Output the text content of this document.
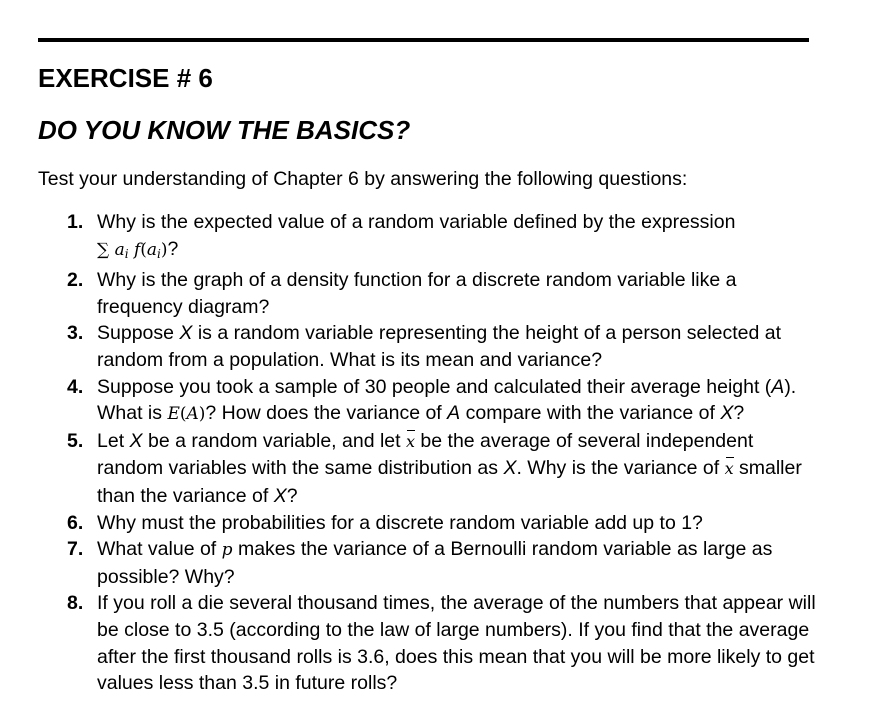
EXERCISE # 6
DO YOU KNOW THE BASICS?
Test your understanding of Chapter 6 by answering the following questions:
1. Why is the expected value of a random variable defined by the expression
∑ $a_i$ $f(a_i)$?
2. Why is the graph of a density function for a discrete random variable like a frequency diagram?
3. Suppose X is a random variable representing the height of a person selected at random from a population. What is its mean and variance?
4. Suppose you took a sample of 30 people and calculated their average height (A). What is E(A)? How does the variance of A compare with the variance of X?
5. Let X be a random variable, and let x be the average of several independent random variables with the same distribution as X. Why is the variance of x smaller than the variance of X?
6. Why must the probabilities for a discrete random variable add up to 1?
7. What value of p makes the variance of a Bernoulli random variable as large as possible? Why?
8. If you roll a die several thousand times, the average of the numbers that appear will be close to 3.5 (according to the law of large numbers). If you find that the average after the first thousand rolls is 3.6, does this mean that you will be more likely to get values less than 3.5 in future rolls?
